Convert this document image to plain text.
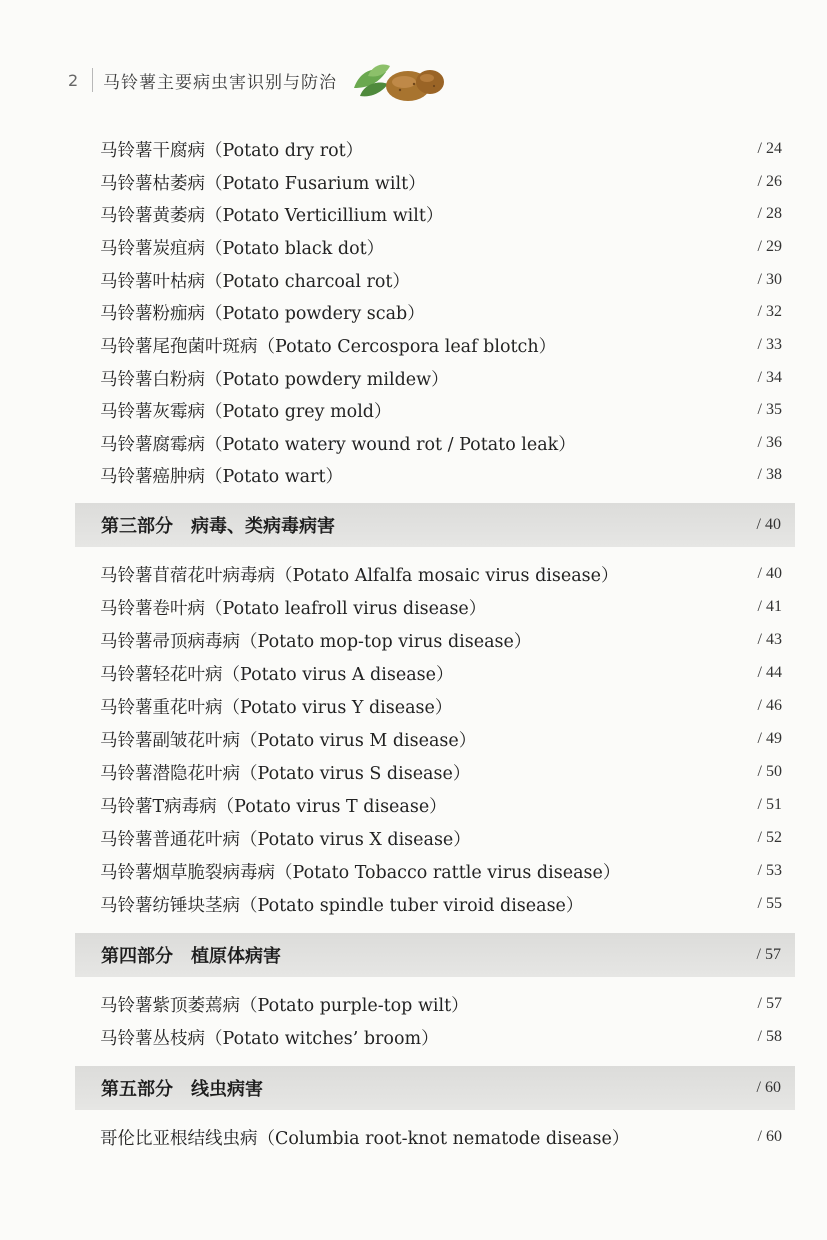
2	马铃薯主要病虫害识别与防治
马铃薯干腐病（Potato dry rot）	/ 24
马铃薯枯萎病（Potato Fusarium wilt）	/ 26
马铃薯黄萎病（Potato Verticillium wilt）	/ 28
马铃薯炭疽病（Potato black dot）	/ 29
马铃薯叶枯病（Potato charcoal rot）	/ 30
马铃薯粉痂病（Potato powdery scab）	/ 32
马铃薯尾孢菌叶斑病（Potato Cercospora leaf blotch）	/ 33
马铃薯白粉病（Potato powdery mildew）	/ 34
马铃薯灰霉病（Potato grey mold）	/ 35
马铃薯腐霉病（Potato watery wound rot / Potato leak）	/ 36
马铃薯癌肿病（Potato wart）	/ 38
第三部分　病毒、类病毒病害	/ 40
马铃薯苜蓿花叶病毒病（Potato Alfalfa mosaic virus disease）	/ 40
马铃薯卷叶病（Potato leafroll virus disease）	/ 41
马铃薯帚顶病毒病（Potato mop-top virus disease）	/ 43
马铃薯轻花叶病（Potato virus A disease）	/ 44
马铃薯重花叶病（Potato virus Y disease）	/ 46
马铃薯副皱花叶病（Potato virus M disease）	/ 49
马铃薯潜隐花叶病（Potato virus S disease）	/ 50
马铃薯T病毒病（Potato virus T disease）	/ 51
马铃薯普通花叶病（Potato virus X disease）	/ 52
马铃薯烟草脆裂病毒病（Potato Tobacco rattle virus disease）	/ 53
马铃薯纺锤块茎病（Potato spindle tuber viroid disease）	/ 55
第四部分　植原体病害	/ 57
马铃薯紫顶萎蔫病（Potato purple-top wilt）	/ 57
马铃薯丛枝病（Potato witches’ broom）	/ 58
第五部分　线虫病害	/ 60
哥伦比亚根结线虫病（Columbia root-knot nematode disease）	/ 60
